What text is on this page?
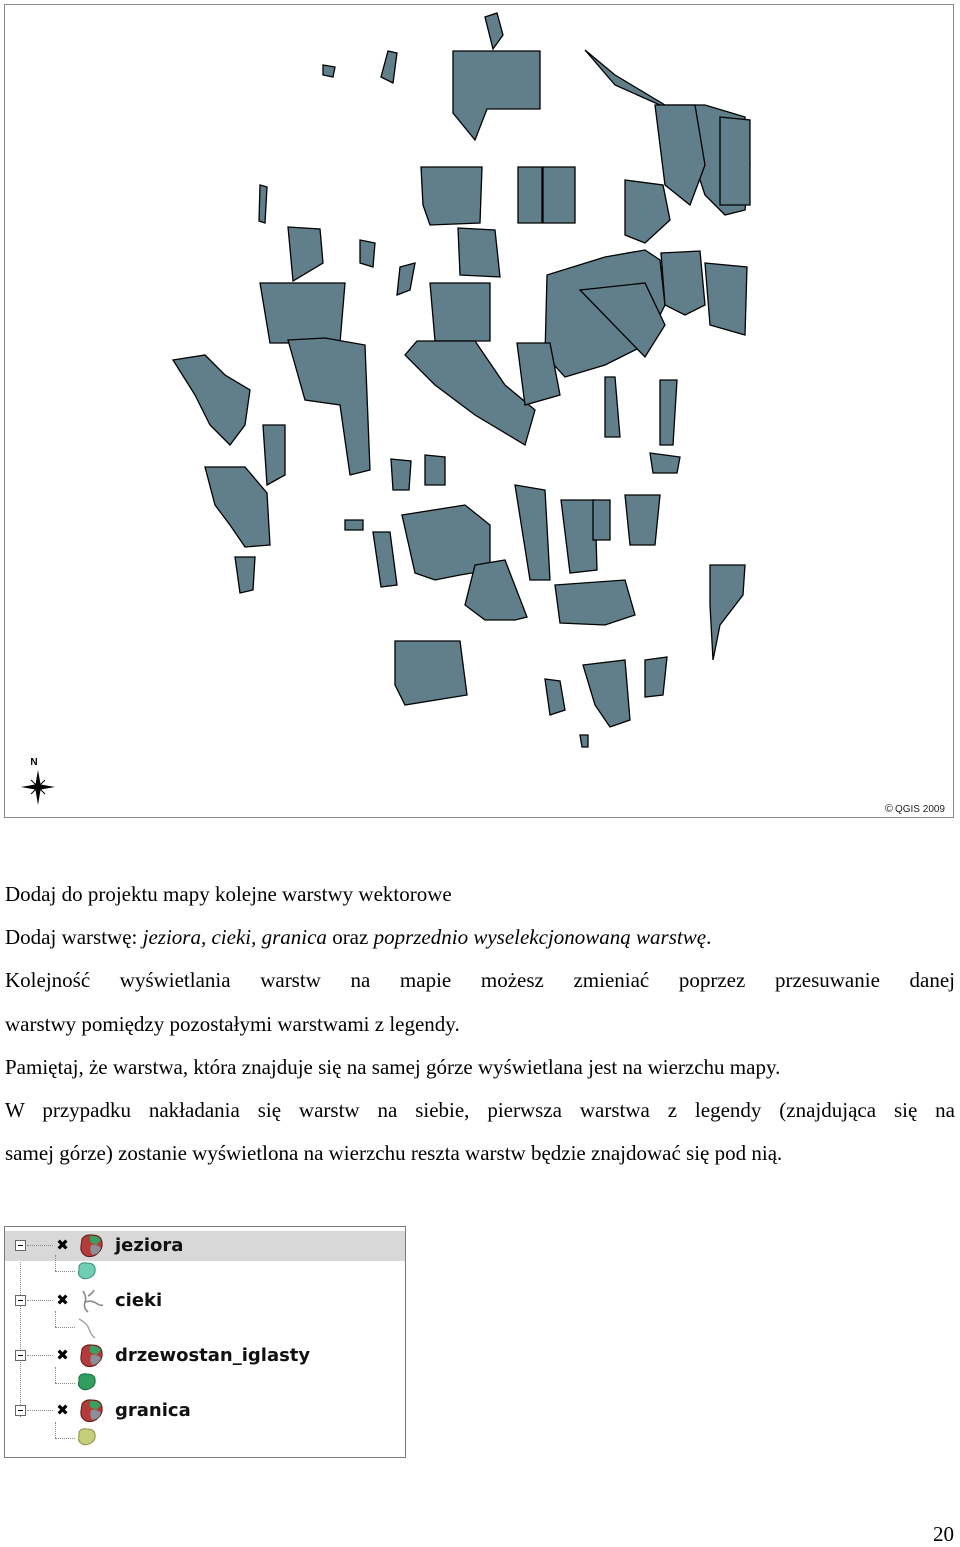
N
© QGIS 2009
Dodaj do projektu mapy kolejne warstwy wektorowe
Dodaj warstwę: jeziora, cieki, granica oraz poprzednio wyselekcjonowaną warstwę.
Kolejność wyświetlania warstw na mapie możesz zmieniać poprzez przesuwanie danej
warstwy pomiędzy pozostałymi warstwami z legendy.
Pamiętaj, że warstwa, która znajduje się na samej górze wyświetlana jest na wierzchu mapy.
W przypadku nakładania się warstw na siebie, pierwsza warstwa z legendy (znajdująca się na
samej górze) zostanie wyświetlona na wierzchu reszta warstw będzie znajdować się pod nią.
✖	jeziora
✖	cieki
✖	drzewostan_iglasty
✖	granica
20
